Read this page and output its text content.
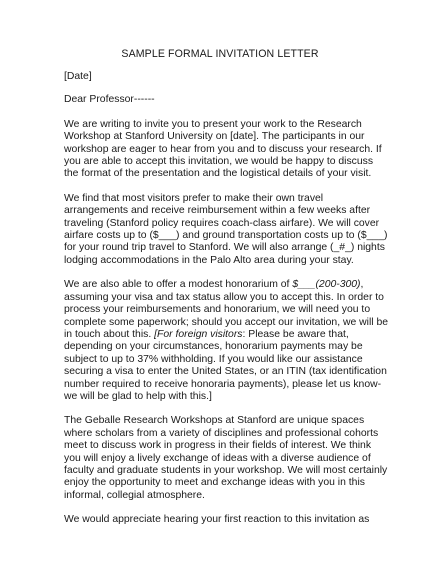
SAMPLE FORMAL INVITATION LETTER

[Date]

Dear Professor------

We are writing to invite you to present your work to the Research Workshop at Stanford University on [date]. The participants in our workshop are eager to hear from you and to discuss your research. If you are able to accept this invitation, we would be happy to discuss the format of the presentation and the logistical details of your visit.

We find that most visitors prefer to make their own travel arrangements and receive reimbursement within a few weeks after traveling (Stanford policy requires coach-class airfare). We will cover airfare costs up to ($___) and ground transportation costs up to ($___) for your round trip travel to Stanford. We will also arrange (_#_) nights lodging accommodations in the Palo Alto area during your stay.

We are also able to offer a modest honorarium of $___(200-300), assuming your visa and tax status allow you to accept this. In order to process your reimbursements and honorarium, we will need you to complete some paperwork; should you accept our invitation, we will be in touch about this. [For foreign visitors: Please be aware that, depending on your circumstances, honorarium payments may be subject to up to 37% withholding. If you would like our assistance securing a visa to enter the United States, or an ITIN (tax identification number required to receive honoraria payments), please let us know-we will be glad to help with this.]

The Geballe Research Workshops at Stanford are unique spaces where scholars from a variety of disciplines and professional cohorts meet to discuss work in progress in their fields of interest. We think you will enjoy a lively exchange of ideas with a diverse audience of faculty and graduate students in your workshop. We will most certainly enjoy the opportunity to meet and exchange ideas with you in this informal, collegial atmosphere.

We would appreciate hearing your first reaction to this invitation as
